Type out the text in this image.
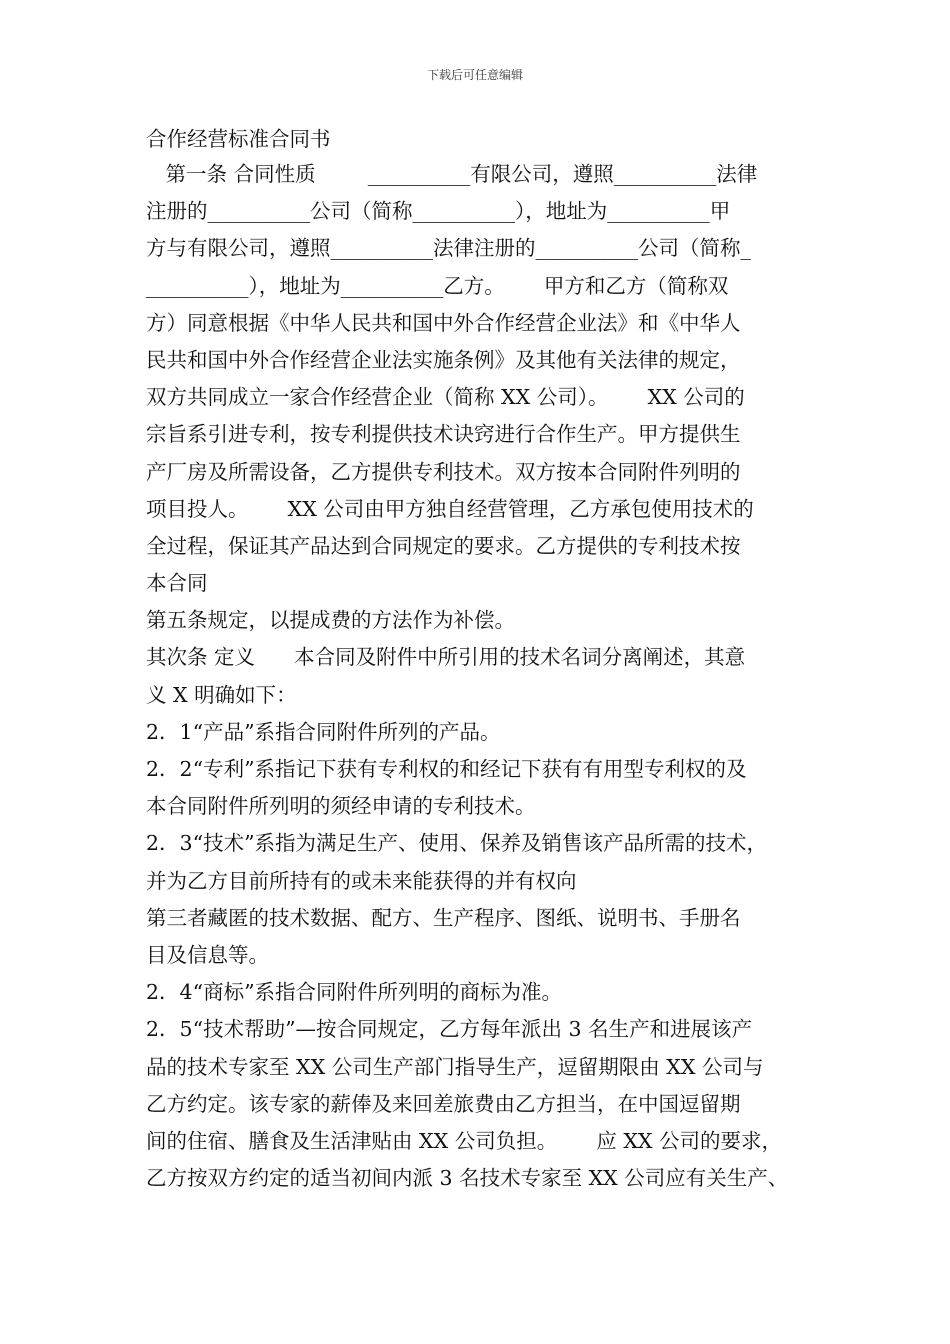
下载后可任意编辑
合作经营标准合同书
第一条 合同性质        __________有限公司，遵照__________法律
注册的__________公司（简称__________），地址为__________甲
方与有限公司，遵照__________法律注册的__________公司（简称_
__________），地址为__________乙方。      甲方和乙方（简称双
方）同意根据《中华人民共和国中外合作经营企业法》和《中华人
民共和国中外合作经营企业法实施条例》及其他有关法律的规定，
双方共同成立一家合作经营企业（简称 XX 公司）。      XX 公司的
宗旨系引进专利，按专利提供技术诀窍进行合作生产。甲方提供生
产厂房及所需设备，乙方提供专利技术。双方按本合同附件列明的
项目投人。      XX 公司由甲方独自经营管理，乙方承包使用技术的
全过程，保证其产品达到合同规定的要求。乙方提供的专利技术按
本合同
第五条规定，以提成费的方法作为补偿。
其次条 定义      本合同及附件中所引用的技术名词分离阐述，其意
义 X 明确如下：
2．1“产品”系指合同附件所列的产品。
2．2“专利”系指记下获有专利权的和经记下获有有用型专利权的及
本合同附件所列明的须经申请的专利技术。
2．3“技术”系指为满足生产、使用、保养及销售该产品所需的技术，
并为乙方目前所持有的或未来能获得的并有权向
第三者藏匿的技术数据、配方、生产程序、图纸、说明书、手册名
目及信息等。
2．4“商标”系指合同附件所列明的商标为准。
2．5“技术帮助”—按合同规定，乙方每年派出 3 名生产和进展该产
品的技术专家至 XX 公司生产部门指导生产，逗留期限由 XX 公司与
乙方约定。该专家的薪俸及来回差旅费由乙方担当，在中国逗留期
间的住宿、膳食及生活津贴由 XX 公司负担。      应 XX 公司的要求，
乙方按双方约定的适当初间内派 3 名技术专家至 XX 公司应有关生产、
